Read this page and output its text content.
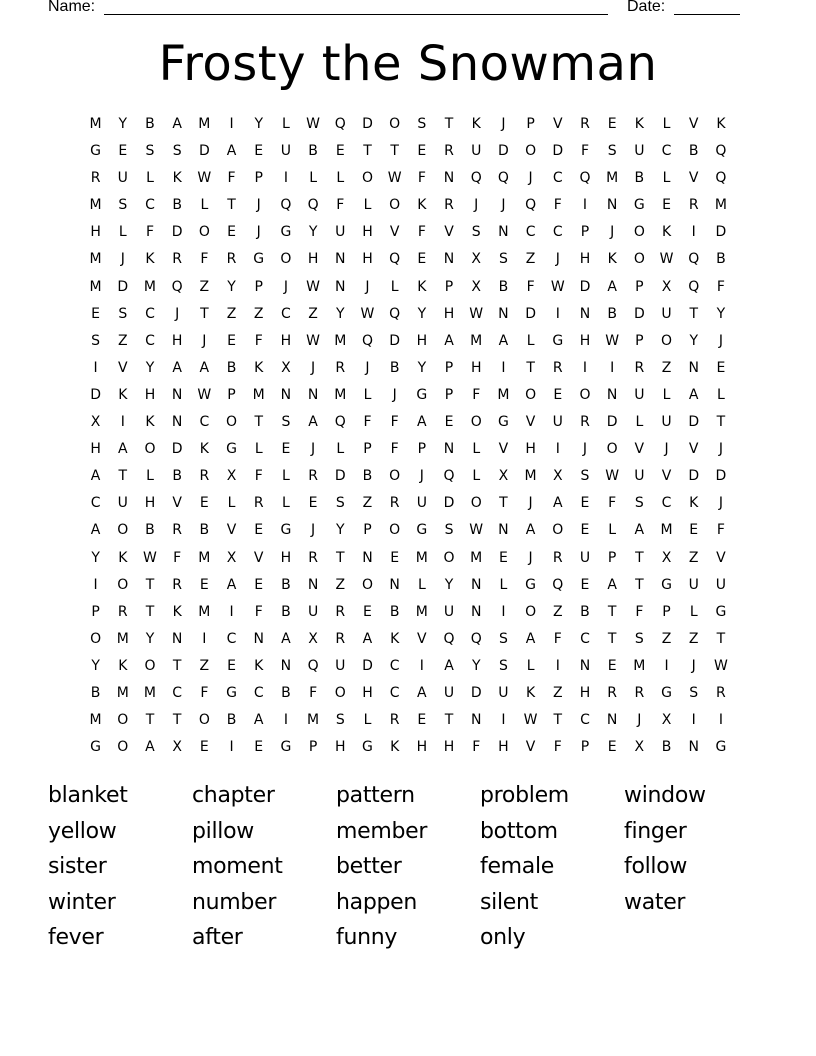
Name:	Date:
Frosty the Snowman
M	Y	B	A	M	I	Y	L	W	Q	D	O	S	T	K	J	P	V	R	E	K	L	V	K
G	E	S	S	D	A	E	U	B	E	T	T	E	R	U	D	O	D	F	S	U	C	B	Q
R	U	L	K	W	F	P	I	L	L	O	W	F	N	Q	Q	J	C	Q	M	B	L	V	Q
M	S	C	B	L	T	J	Q	Q	F	L	O	K	R	J	J	Q	F	I	N	G	E	R	M
H	L	F	D	O	E	J	G	Y	U	H	V	F	V	S	N	C	C	P	J	O	K	I	D
M	J	K	R	F	R	G	O	H	N	H	Q	E	N	X	S	Z	J	H	K	O	W	Q	B
M	D	M	Q	Z	Y	P	J	W	N	J	L	K	P	X	B	F	W	D	A	P	X	Q	F
E	S	C	J	T	Z	Z	C	Z	Y	W	Q	Y	H	W	N	D	I	N	B	D	U	T	Y
S	Z	C	H	J	E	F	H	W	M	Q	D	H	A	M	A	L	G	H	W	P	O	Y	J
I	V	Y	A	A	B	K	X	J	R	J	B	Y	P	H	I	T	R	I	I	R	Z	N	E
D	K	H	N	W	P	M	N	N	M	L	J	G	P	F	M	O	E	O	N	U	L	A	L
X	I	K	N	C	O	T	S	A	Q	F	F	A	E	O	G	V	U	R	D	L	U	D	T
H	A	O	D	K	G	L	E	J	L	P	F	P	N	L	V	H	I	J	O	V	J	V	J
A	T	L	B	R	X	F	L	R	D	B	O	J	Q	L	X	M	X	S	W	U	V	D	D
C	U	H	V	E	L	R	L	E	S	Z	R	U	D	O	T	J	A	E	F	S	C	K	J
A	O	B	R	B	V	E	G	J	Y	P	O	G	S	W	N	A	O	E	L	A	M	E	F
Y	K	W	F	M	X	V	H	R	T	N	E	M	O	M	E	J	R	U	P	T	X	Z	V
I	O	T	R	E	A	E	B	N	Z	O	N	L	Y	N	L	G	Q	E	A	T	G	U	U
P	R	T	K	M	I	F	B	U	R	E	B	M	U	N	I	O	Z	B	T	F	P	L	G
O	M	Y	N	I	C	N	A	X	R	A	K	V	Q	Q	S	A	F	C	T	S	Z	Z	T
Y	K	O	T	Z	E	K	N	Q	U	D	C	I	A	Y	S	L	I	N	E	M	I	J	W
B	M	M	C	F	G	C	B	F	O	H	C	A	U	D	U	K	Z	H	R	R	G	S	R
M	O	T	T	O	B	A	I	M	S	L	R	E	T	N	I	W	T	C	N	J	X	I	I
G	O	A	X	E	I	E	G	P	H	G	K	H	H	F	H	V	F	P	E	X	B	N	G
blanket	chapter	pattern	problem	window
yellow	pillow	member	bottom	finger
sister	moment	better	female	follow
winter	number	happen	silent	water
fever	after	funny	only
